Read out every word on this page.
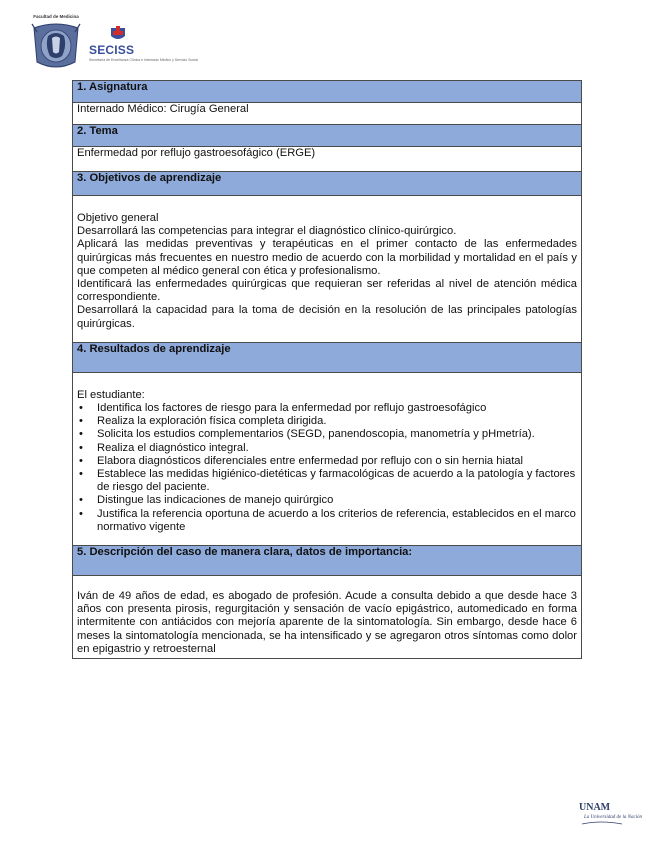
Facultad de Medicina
SECISS
Secretaría de Enseñanza Clínica e Internado Médico y Servicio Social
1. Asignatura
Internado Médico: Cirugía General
2. Tema
Enfermedad por reflujo gastroesofágico (ERGE)
3. Objetivos de aprendizaje

Objetivo general

Desarrollará las competencias para integrar el diagnóstico clínico-quirúrgico.

Aplicará las medidas preventivas y terapéuticas en el primer contacto de las enfermedades quirúrgicas más frecuentes en nuestro medio de acuerdo con la morbilidad y mortalidad en el país y que competen al médico general con ética y profesionalismo.

Identificará las enfermedades quirúrgicas que requieran ser referidas al nivel de atención médica correspondiente.

Desarrollará la capacidad para la toma de decisión en la resolución de las principales patologías quirúrgicas.

4. Resultados de aprendizaje

El estudiante:

• Identifica los factores de riesgo para la enfermedad por reflujo gastroesofágico
• Realiza la exploración física completa dirigida.
• Solicita los estudios complementarios (SEGD, panendoscopia, manometría y pHmetría).
• Realiza el diagnóstico integral.
• Elabora diagnósticos diferenciales entre enfermedad por reflujo con o sin hernia hiatal
• Establece las medidas higiénico-dietéticas y farmacológicas de acuerdo a la patología y factores de riesgo del paciente.
• Distingue las indicaciones de manejo quirúrgico
• Justifica la referencia oportuna de acuerdo a los criterios de referencia, establecidos en el marco normativo vigente

5. Descripción del caso de manera clara, datos de importancia:

Iván de 49 años de edad, es abogado de profesión. Acude a consulta debido a que desde hace 3 años con presenta pirosis, regurgitación y sensación de vacío epigástrico, automedicado en forma intermitente con antiácidos con mejoría aparente de la sintomatología. Sin embargo, desde hace 6 meses la sintomatología mencionada, se ha intensificado y se agregaron otros síntomas como dolor en epigastrio y retroesternal

UNAM
La Universidad de la Nación
